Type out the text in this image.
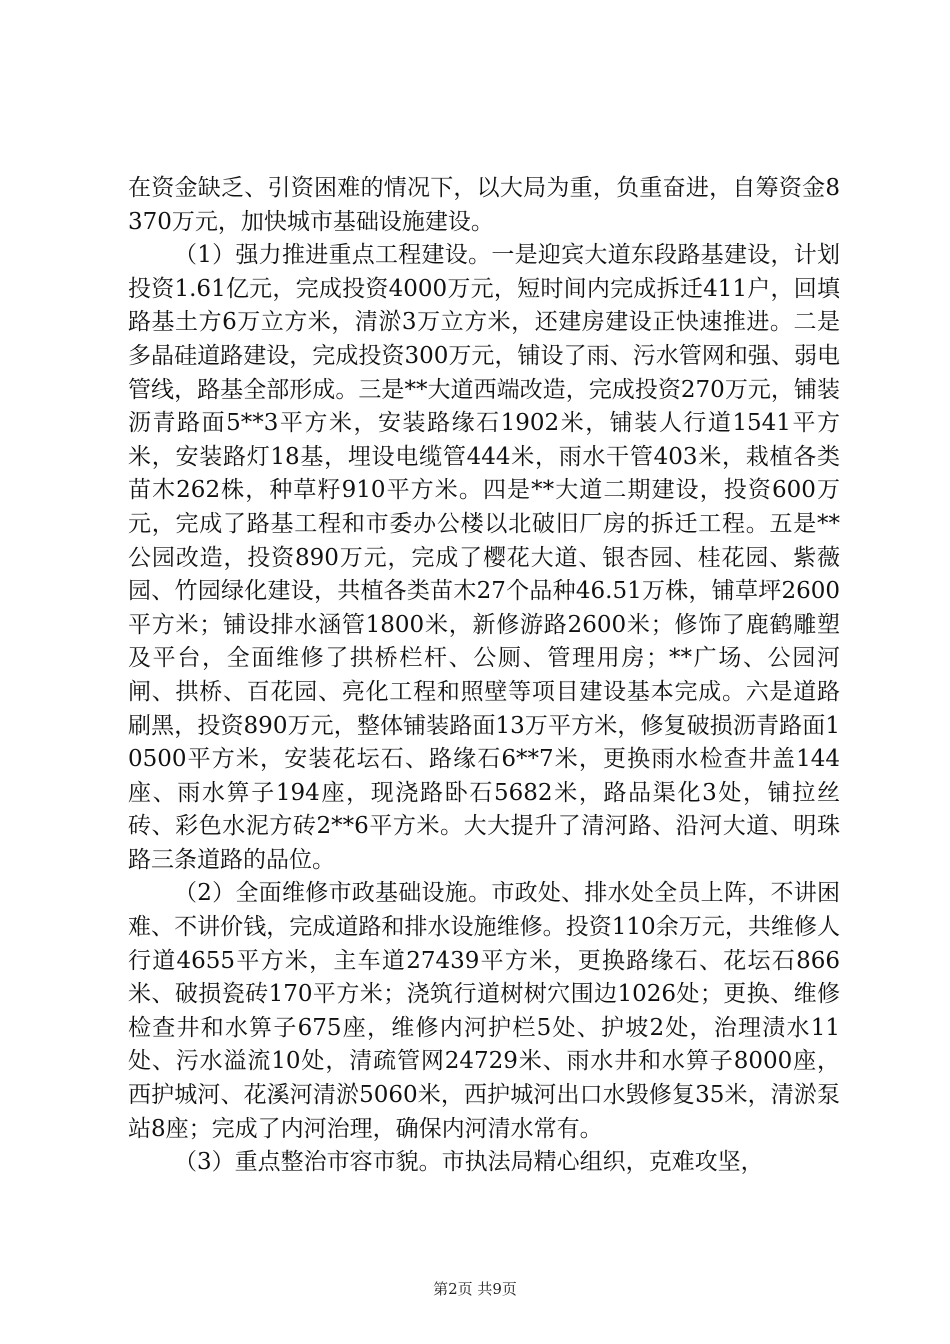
在资金缺乏、引资困难的情况下，以大局为重，负重奋进，自筹资金8370万元，加快城市基础设施建设。

（1）强力推进重点工程建设。一是迎宾大道东段路基建设，计划投资1.61亿元，完成投资4000万元，短时间内完成拆迁411户，回填路基土方6万立方米，清淤3万立方米，还建房建设正快速推进。二是多晶硅道路建设，完成投资300万元，铺设了雨、污水管网和强、弱电管线，路基全部形成。三是**大道西端改造，完成投资270万元，铺装沥青路面5**3平方米，安装路缘石1902米，铺装人行道1541平方米，安装路灯18基，埋设电缆管444米，雨水干管403米，栽植各类苗木262株，种草籽910平方米。四是**大道二期建设，投资600万元，完成了路基工程和市委办公楼以北破旧厂房的拆迁工程。五是**公园改造，投资890万元，完成了樱花大道、银杏园、桂花园、紫薇园、竹园绿化建设，共植各类苗木27个品种46.51万株，铺草坪2600平方米；铺设排水涵管1800米，新修游路2600米；修饰了鹿鹤雕塑及平台，全面维修了拱桥栏杆、公厕、管理用房；**广场、公园河闸、拱桥、百花园、亮化工程和照壁等项目建设基本完成。六是道路刷黑，投资890万元，整体铺装路面13万平方米，修复破损沥青路面10500平方米，安装花坛石、路缘石6**7米，更换雨水检查井盖144座、雨水箅子194座，现浇路卧石5682米，路品渠化3处，铺拉丝砖、彩色水泥方砖2**6平方米。大大提升了清河路、沿河大道、明珠路三条道路的品位。

（2）全面维修市政基础设施。市政处、排水处全员上阵，不讲困难、不讲价钱，完成道路和排水设施维修。投资110余万元，共维修人行道4655平方米，主车道27439平方米，更换路缘石、花坛石866米、破损瓷砖170平方米；浇筑行道树树穴围边1026处；更换、维修检查井和水箅子675座，维修内河护栏5处、护坡2处，治理渍水11处、污水溢流10处，清疏管网24729米、雨水井和水箅子8000座，西护城河、花溪河清淤5060米，西护城河出口水毁修复35米，清淤泵站8座；完成了内河治理，确保内河清水常有。

（3）重点整治市容市貌。市执法局精心组织，克难攻坚，

第2页 共9页
